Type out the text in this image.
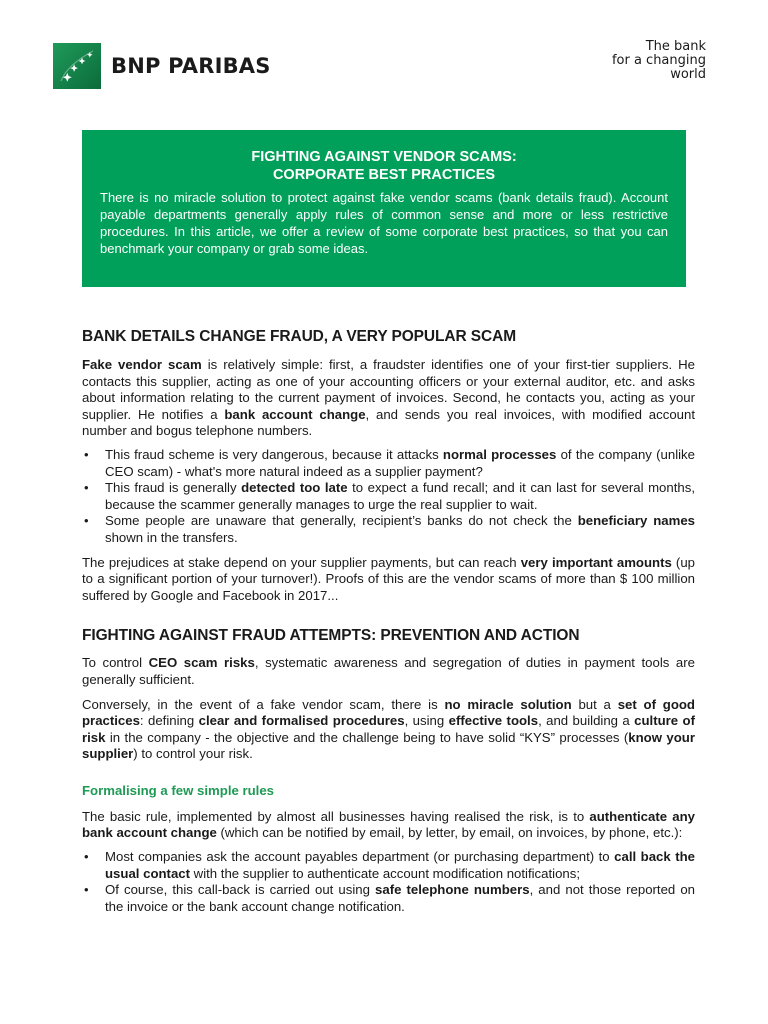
BNP PARIBAS
The bank
for a changing
world
FIGHTING AGAINST VENDOR SCAMS:
CORPORATE BEST PRACTICES
There is no miracle solution to protect against fake vendor scams (bank details fraud). Account payable departments generally apply rules of common sense and more or less restrictive procedures. In this article, we offer a review of some corporate best practices, so that you can benchmark your company or grab some ideas.
BANK DETAILS CHANGE FRAUD, A VERY POPULAR SCAM

Fake vendor scam is relatively simple: first, a fraudster identifies one of your first-tier suppliers. He contacts this supplier, acting as one of your accounting officers or your external auditor, etc. and asks about information relating to the current payment of invoices. Second, he contacts you, acting as your supplier. He notifies a bank account change, and sends you real invoices, with modified account number and bogus telephone numbers.

• This fraud scheme is very dangerous, because it attacks normal processes of the company (unlike CEO scam) - what's more natural indeed as a supplier payment?
• This fraud is generally detected too late to expect a fund recall; and it can last for several months, because the scammer generally manages to urge the real supplier to wait.
• Some people are unaware that generally, recipient’s banks do not check the beneficiary names shown in the transfers.

The prejudices at stake depend on your supplier payments, but can reach very important amounts (up to a significant portion of your turnover!). Proofs of this are the vendor scams of more than $ 100 million suffered by Google and Facebook in 2017...

FIGHTING AGAINST FRAUD ATTEMPTS: PREVENTION AND ACTION

To control CEO scam risks, systematic awareness and segregation of duties in payment tools are generally sufficient.

Conversely, in the event of a fake vendor scam, there is no miracle solution but a set of good practices: defining clear and formalised procedures, using effective tools, and building a culture of risk in the company - the objective and the challenge being to have solid “KYS” processes (know your supplier) to control your risk.

Formalising a few simple rules

The basic rule, implemented by almost all businesses having realised the risk, is to authenticate any bank account change (which can be notified by email, by letter, by email, on invoices, by phone, etc.):

• Most companies ask the account payables department (or purchasing department) to call back the usual contact with the supplier to authenticate account modification notifications;
• Of course, this call-back is carried out using safe telephone numbers, and not those reported on the invoice or the bank account change notification.
